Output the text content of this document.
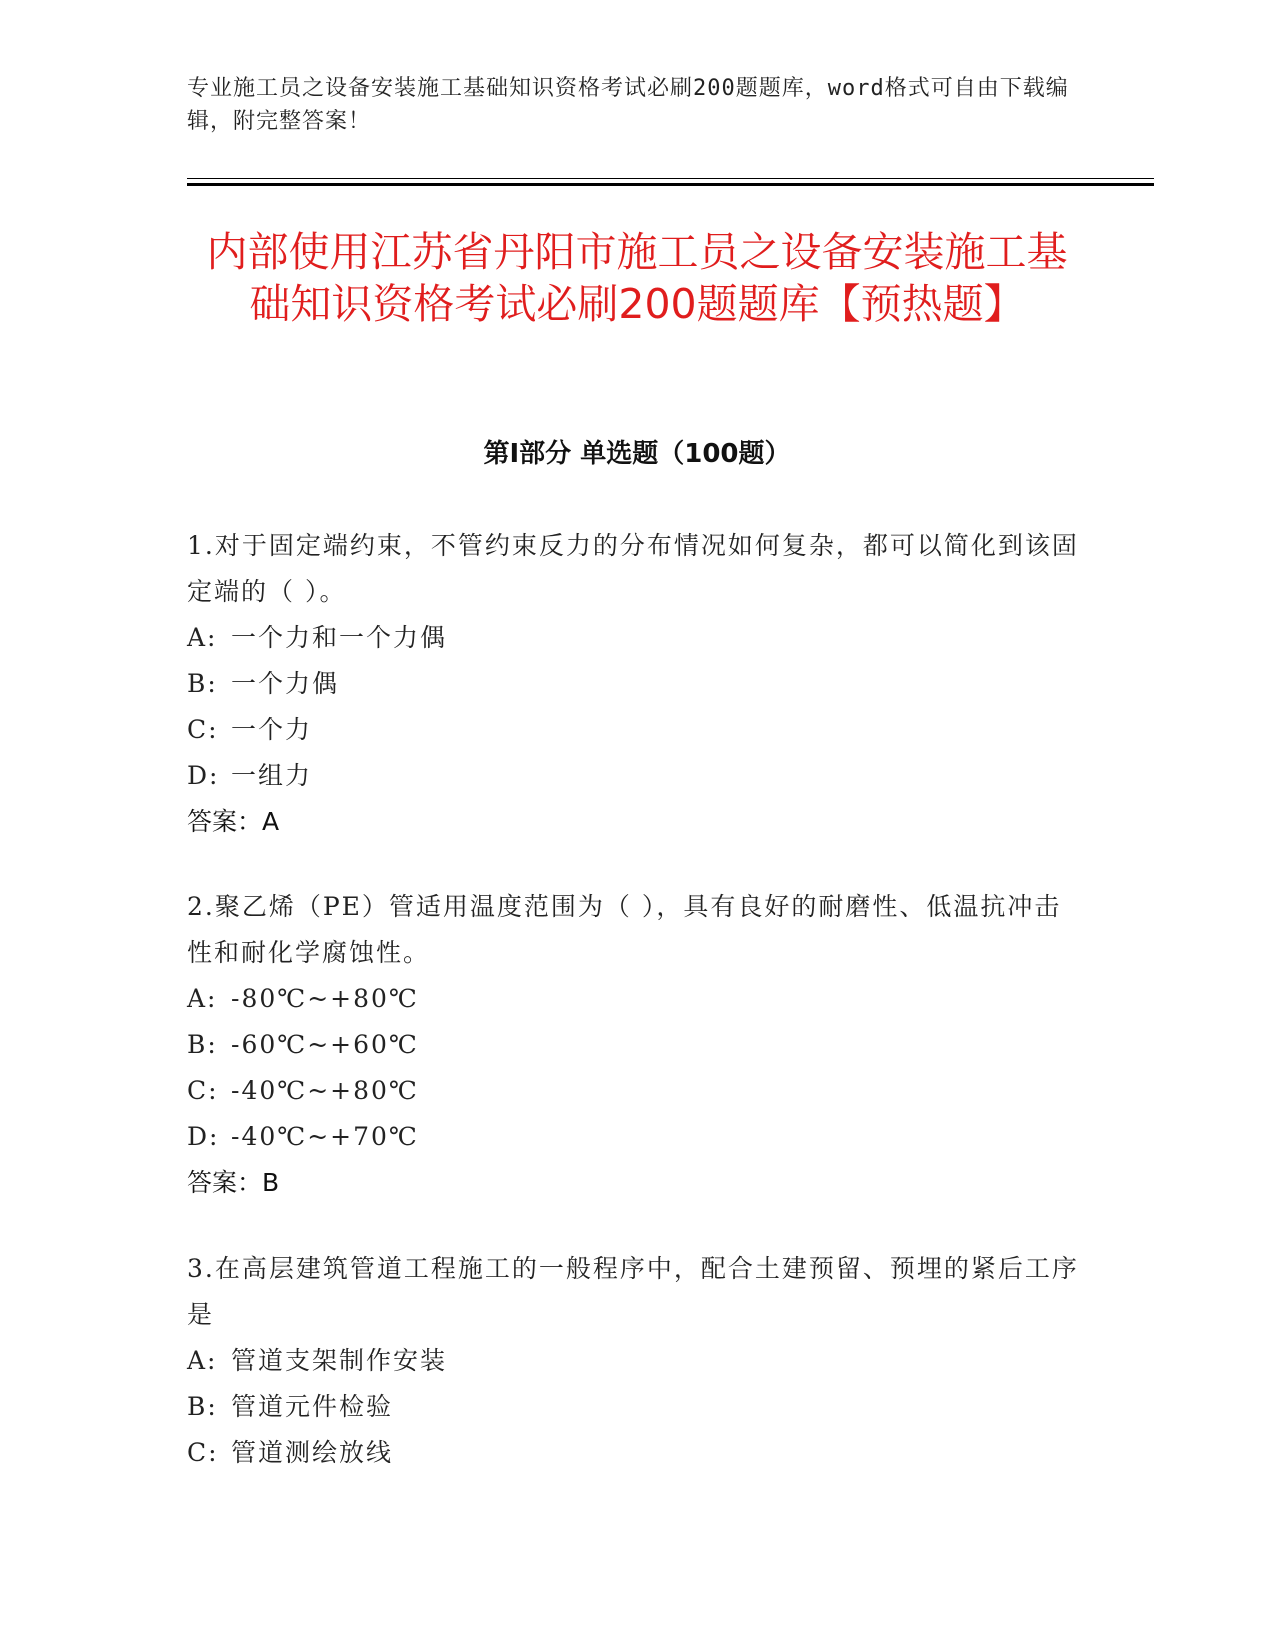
专业施工员之设备安装施工基础知识资格考试必刷200题题库，word格式可自由下载编辑，附完整答案！
内部使用江苏省丹阳市施工员之设备安装施工基础知识资格考试必刷200题题库【预热题】
第Ⅰ部分 单选题（100题）

1.对于固定端约束，不管约束反力的分布情况如何复杂，都可以简化到该固定端的（ ）。

A: 一个力和一个力偶

B: 一个力偶

C: 一个力

D: 一组力

答案：A

2.聚乙烯（PE）管适用温度范围为（ ），具有良好的耐磨性、低温抗冲击性和耐化学腐蚀性。

A: -80℃~+80℃

B: -60℃~+60℃

C: -40℃~+80℃

D: -40℃~+70℃

答案：B

3.在高层建筑管道工程施工的一般程序中，配合土建预留、预埋的紧后工序是

A: 管道支架制作安装

B: 管道元件检验

C: 管道测绘放线
